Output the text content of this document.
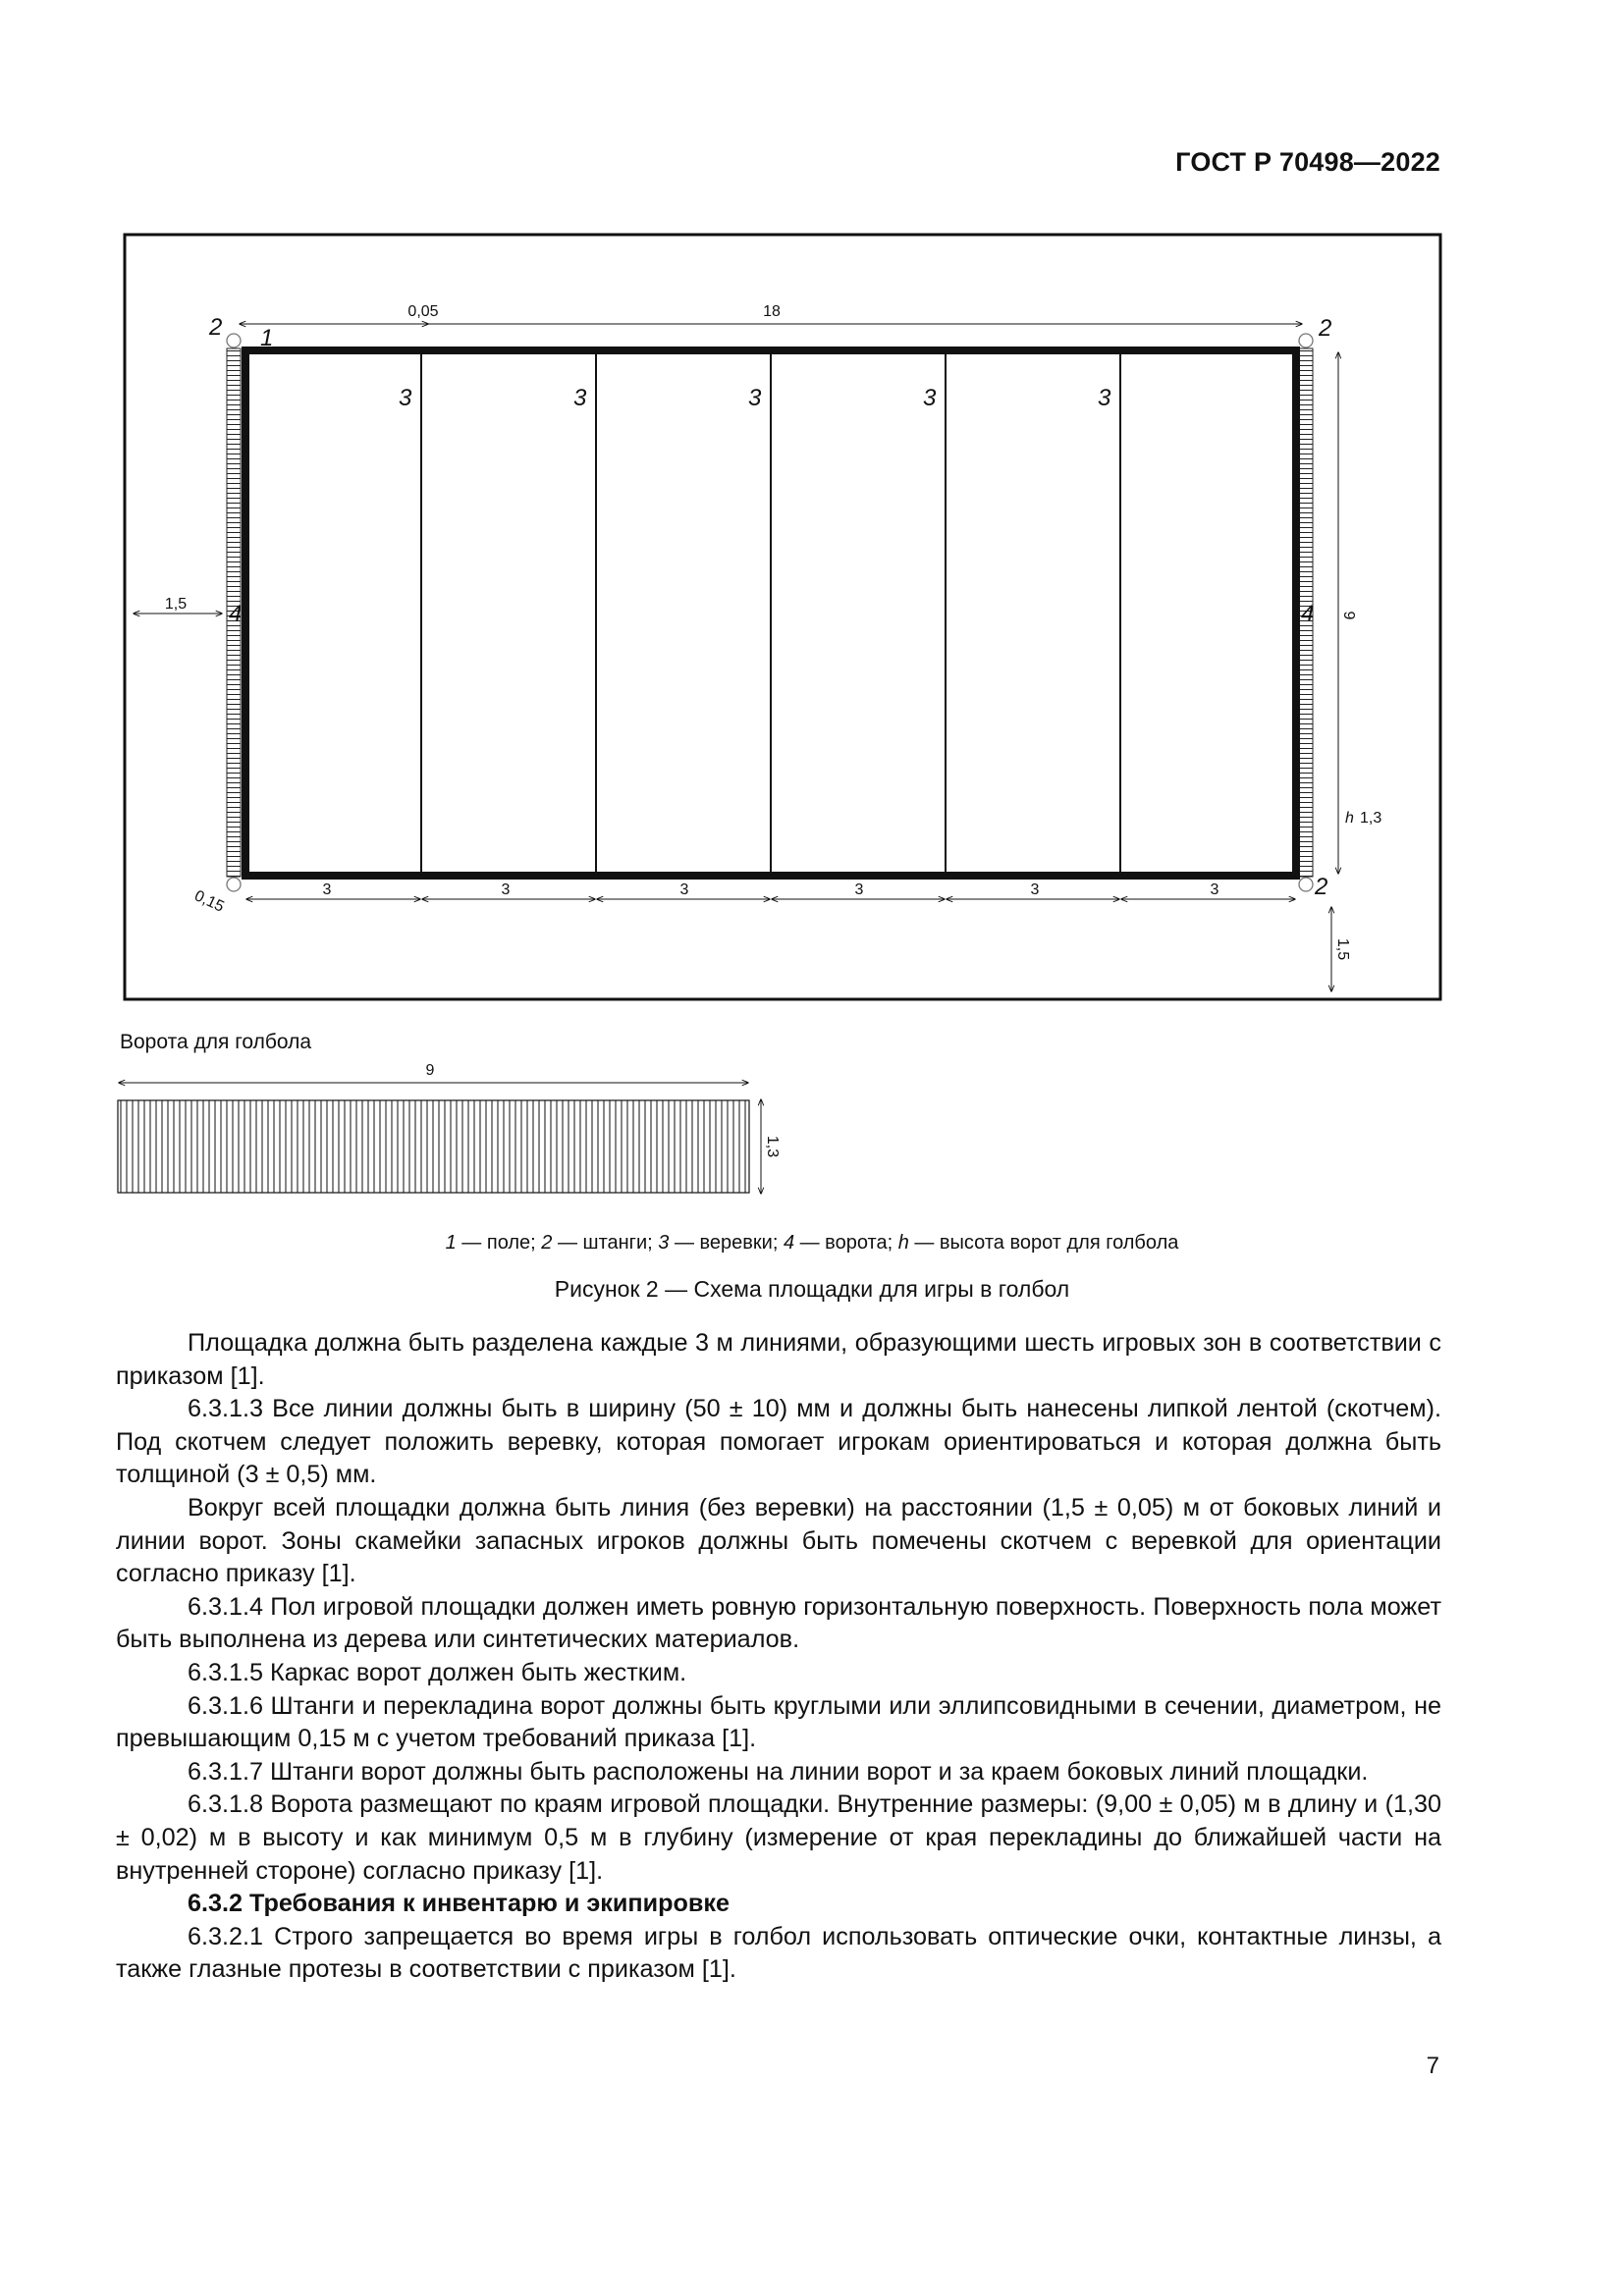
ГОСТ Р 70498—2022
3	3	3	3	3
1
2	2
2
4	4
18
0,05
1,5
9
h 1,3
1,5
0,15	3	3	3	3	3	3
9
1,3
Ворота для голбола
1 — поле; 2 — штанги; 3 — веревки; 4 — ворота; h — высота ворот для голбола
Рисунок 2 — Схема площадки для игры в голбол

Площадка должна быть разделена каждые 3 м линиями, образующими шесть игровых зон в соответствии с приказом [1].

6.3.1.3 Все линии должны быть в ширину (50 ± 10) мм и должны быть нанесены липкой лентой (скотчем). Под скотчем следует положить веревку, которая помогает игрокам ориентироваться и которая должна быть толщиной (3 ± 0,5) мм.

Вокруг всей площадки должна быть линия (без веревки) на расстоянии (1,5 ± 0,05) м от боковых линий и линии ворот. Зоны скамейки запасных игроков должны быть помечены скотчем с веревкой для ориентации согласно приказу [1].

6.3.1.4 Пол игровой площадки должен иметь ровную горизонтальную поверхность. Поверхность пола может быть выполнена из дерева или синтетических материалов.

6.3.1.5 Каркас ворот должен быть жестким.

6.3.1.6 Штанги и перекладина ворот должны быть круглыми или эллипсовидными в сечении, диаметром, не превышающим 0,15 м с учетом требований приказа [1].

6.3.1.7 Штанги ворот должны быть расположены на линии ворот и за краем боковых линий площадки.

6.3.1.8 Ворота размещают по краям игровой площадки. Внутренние размеры: (9,00 ± 0,05) м в длину и (1,30 ± 0,02) м в высоту и как минимум 0,5 м в глубину (измерение от края перекладины до ближайшей части на внутренней стороне) согласно приказу [1].

6.3.2 Требования к инвентарю и экипировке

6.3.2.1 Строго запрещается во время игры в голбол использовать оптические очки, контактные линзы, а также глазные протезы в соответствии с приказом [1].

7
